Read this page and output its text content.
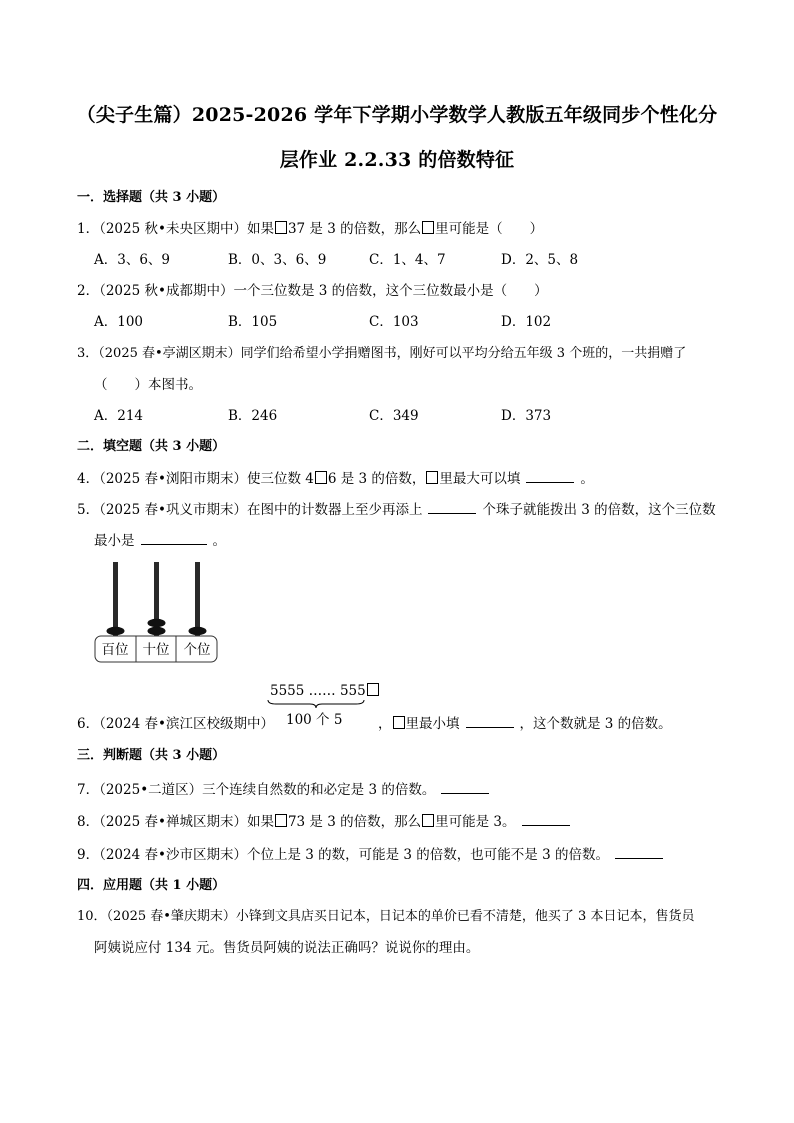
（尖子生篇）2025-2026 学年下学期小学数学人教版五年级同步个性化分
层作业 2.2.33 的倍数特征
一．选择题（共 3 小题）
1．（2025 秋•未央区期中）如果 37 是 3 的倍数，那么 里可能是（　　）
A．3、6、9	B．0、3、6、9	C．1、4、7	D．2、5、8
2．（2025 秋•成都期中）一个三位数是 3 的倍数，这个三位数最小是（　　）
A．100	B．105	C．103	D．102
3．（2025 春•亭湖区期末）同学们给希望小学捐赠图书，刚好可以平均分给五年级 3 个班的，一共捐赠了
（　　）本图书。
A．214	B．246	C．349	D．373
二．填空题（共 3 小题）
4．（2025 春•浏阳市期末）使三位数 4 6 是 3 的倍数， 里最大可以填	。
5．（2025 春•巩义市期末）在图中的计数器上至少再添上	个珠子就能拨出 3 的倍数，这个三位数
最小是	。
百位 十位 个位
5555 …… 555
100 个 5
6．（2024 春•滨江区校级期中）	， 里最小填	，这个数就是 3 的倍数。
三．判断题（共 3 小题）
7．（2025•二道区）三个连续自然数的和必定是 3 的倍数。
8．（2025 春•禅城区期末）如果 73 是 3 的倍数，那么 里可能是 3。
9．（2024 春•沙市区期末）个位上是 3 的数，可能是 3 的倍数，也可能不是 3 的倍数。
四．应用题（共 1 小题）
10．（2025 春•肇庆期末）小锋到文具店买日记本，日记本的单价已看不清楚，他买了 3 本日记本，售货员
阿姨说应付 134 元。售货员阿姨的说法正确吗？说说你的理由。
